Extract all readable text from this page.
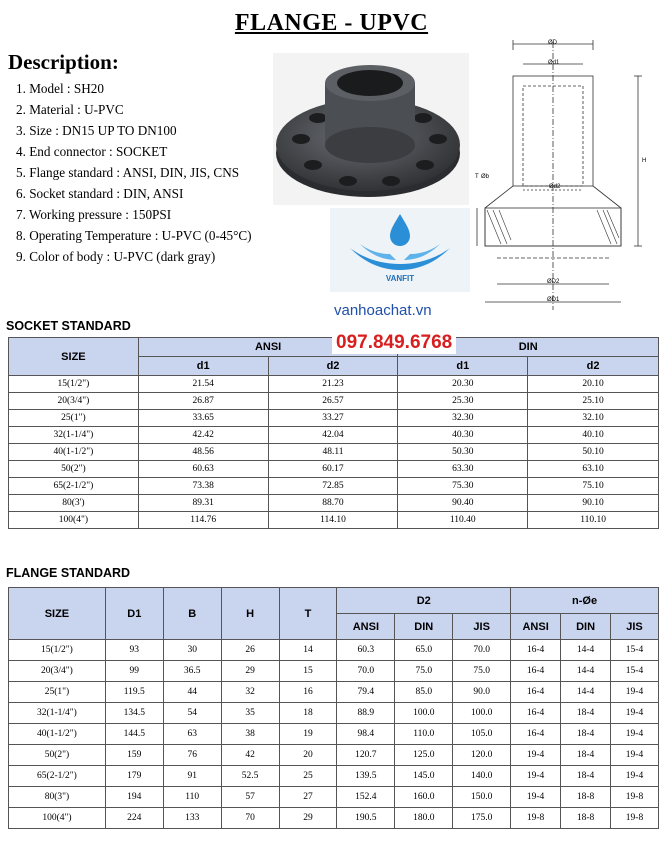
FLANGE - UPVC
Description:
1. Model : SH20
2. Material : U-PVC
3. Size : DN15 UP TO DN100
4. End connector : SOCKET
5. Flange standard : ANSI, DIN, JIS, CNS
6. Socket standard : DIN, ANSI
7. Working pressure : 150PSI
8. Operating Temperature : U-PVC (0-45°C)
9. Color of body : U-PVC (dark gray)
VANFIT
vanhoachat.vn
ØD
Ød1
Ød2
T Øb
H
ØD2
ØD1
SOCKET STANDARD
SIZE	ANSI		DIN	
	d1	d2	d1	d2
15(1/2")	21.54	21.23	20.30	20.10
20(3/4")	26.87	26.57	25.30	25.10
25(1")	33.65	33.27	32.30	32.10
32(1-1/4")	42.42	42.04	40.30	40.10
40(1-1/2")	48.56	48.11	50.30	50.10
50(2")	60.63	60.17	63.30	63.10
65(2-1/2")	73.38	72.85	75.30	75.10
80(3')	89.31	88.70	90.40	90.10
100(4")	114.76	114.10	110.40	110.10
097.849.6768
FLANGE STANDARD
SIZE	D1	B	H	T	D2			n-Øe		
					ANSI	DIN	JIS	ANSI	DIN	JIS
15(1/2")	93	30	26	14	60.3	65.0	70.0	16-4	14-4	15-4
20(3/4")	99	36.5	29	15	70.0	75.0	75.0	16-4	14-4	15-4
25(1")	119.5	44	32	16	79.4	85.0	90.0	16-4	14-4	19-4
32(1-1/4")	134.5	54	35	18	88.9	100.0	100.0	16-4	18-4	19-4
40(1-1/2")	144.5	63	38	19	98.4	110.0	105.0	16-4	18-4	19-4
50(2")	159	76	42	20	120.7	125.0	120.0	19-4	18-4	19-4
65(2-1/2")	179	91	52.5	25	139.5	145.0	140.0	19-4	18-4	19-4
80(3")	194	110	57	27	152.4	160.0	150.0	19-4	18-8	19-8
100(4")	224	133	70	29	190.5	180.0	175.0	19-8	18-8	19-8
